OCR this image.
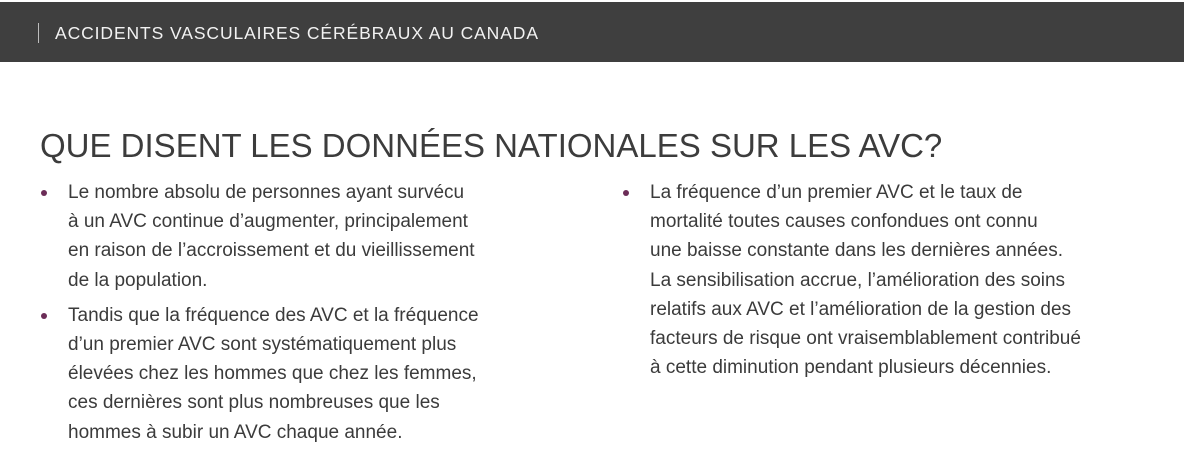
ACCIDENTS VASCULAIRES CÉRÉBRAUX AU CANADA
QUE DISENT LES DONNÉES NATIONALES SUR LES AVC?
Le nombre absolu de personnes ayant survécu
à un AVC continue d’augmenter, principalement
en raison de l’accroissement et du vieillissement
de la population.
Tandis que la fréquence des AVC et la fréquence
d’un premier AVC sont systématiquement plus
élevées chez les hommes que chez les femmes,
ces dernières sont plus nombreuses que les
hommes à subir un AVC chaque année.
La fréquence d’un premier AVC et le taux de
mortalité toutes causes confondues ont connu
une baisse constante dans les dernières années.
La sensibilisation accrue, l’amélioration des soins
relatifs aux AVC et l’amélioration de la gestion des
facteurs de risque ont vraisemblablement contribué
à cette diminution pendant plusieurs décennies.
